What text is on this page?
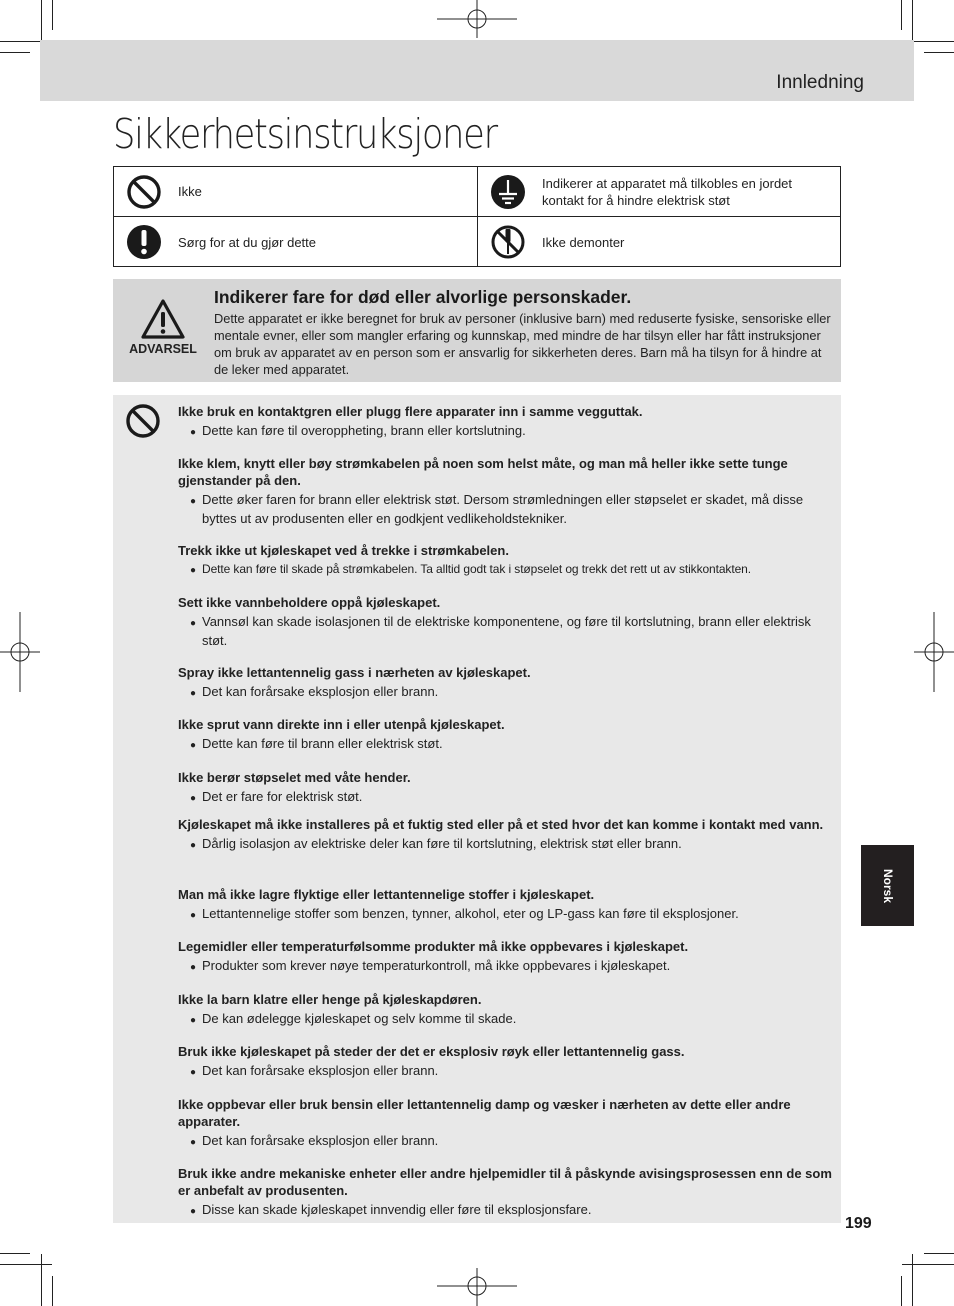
Innledning
Sikkerhetsinstruksjoner
Ikke
Indikerer at apparatet må tilkobles en jordet kontakt for å hindre elektrisk støt
Sørg for at du gjør dette	Ikke demonter
ADVARSEL
Indikerer fare for død eller alvorlige personskader.

Dette apparatet er ikke beregnet for bruk av personer (inklusive barn) med reduserte fysiske, sensoriske eller mentale evner, eller som mangler erfaring og kunnskap, med mindre de har tilsyn eller har fått instruksjoner om bruk av apparatet av en person som er ansvarlig for sikkerheten deres. Barn må ha tilsyn for å hindre at de leker med apparatet.

Ikke bruk en kontaktgren eller plugg flere apparater inn i samme vegguttak.

● Dette kan føre til overoppheting, brann eller kortslutning.

Ikke klem, knytt eller bøy strømkabelen på noen som helst måte, og man må heller ikke sette tunge gjenstander på den.

● Dette øker faren for brann eller elektrisk støt. Dersom strømledningen eller støpselet er skadet, må disse byttes ut av produsenten eller en godkjent vedlikeholdstekniker.

Trekk ikke ut kjøleskapet ved å trekke i strømkabelen.

● Dette kan føre til skade på strømkabelen. Ta alltid godt tak i støpselet og trekk det rett ut av stikkontakten.

Sett ikke vannbeholdere oppå kjøleskapet.

● Vannsøl kan skade isolasjonen til de elektriske komponentene, og føre til kortslutning, brann eller elektrisk støt.

Spray ikke lettantennelig gass i nærheten av kjøleskapet.

● Det kan forårsake eksplosjon eller brann.

Ikke sprut vann direkte inn i eller utenpå kjøleskapet.

● Dette kan føre til brann eller elektrisk støt.

Ikke berør støpselet med våte hender.

● Det er fare for elektrisk støt.

Kjøleskapet må ikke installeres på et fuktig sted eller på et sted hvor det kan komme i kontakt med vann.

● Dårlig isolasjon av elektriske deler kan føre til kortslutning, elektrisk støt eller brann.

Man må ikke lagre flyktige eller lettantennelige stoffer i kjøleskapet.

● Lettantennelige stoffer som benzen, tynner, alkohol, eter og LP-gass kan føre til eksplosjoner.

Legemidler eller temperaturfølsomme produkter må ikke oppbevares i kjøleskapet.

● Produkter som krever nøye temperaturkontroll, må ikke oppbevares i kjøleskapet.

Ikke la barn klatre eller henge på kjøleskapdøren.

● De kan ødelegge kjøleskapet og selv komme til skade.

Bruk ikke kjøleskapet på steder der det er eksplosiv røyk eller lettantennelig gass.

● Det kan forårsake eksplosjon eller brann.

Ikke oppbevar eller bruk bensin eller lettantennelig damp og væsker i nærheten av dette eller andre apparater.

● Det kan forårsake eksplosjon eller brann.

Bruk ikke andre mekaniske enheter eller andre hjelpemidler til å påskynde avisingsprosessen enn de som er anbefalt av produsenten.

● Disse kan skade kjøleskapet innvendig eller føre til eksplosjonsfare.
Norsk
199
